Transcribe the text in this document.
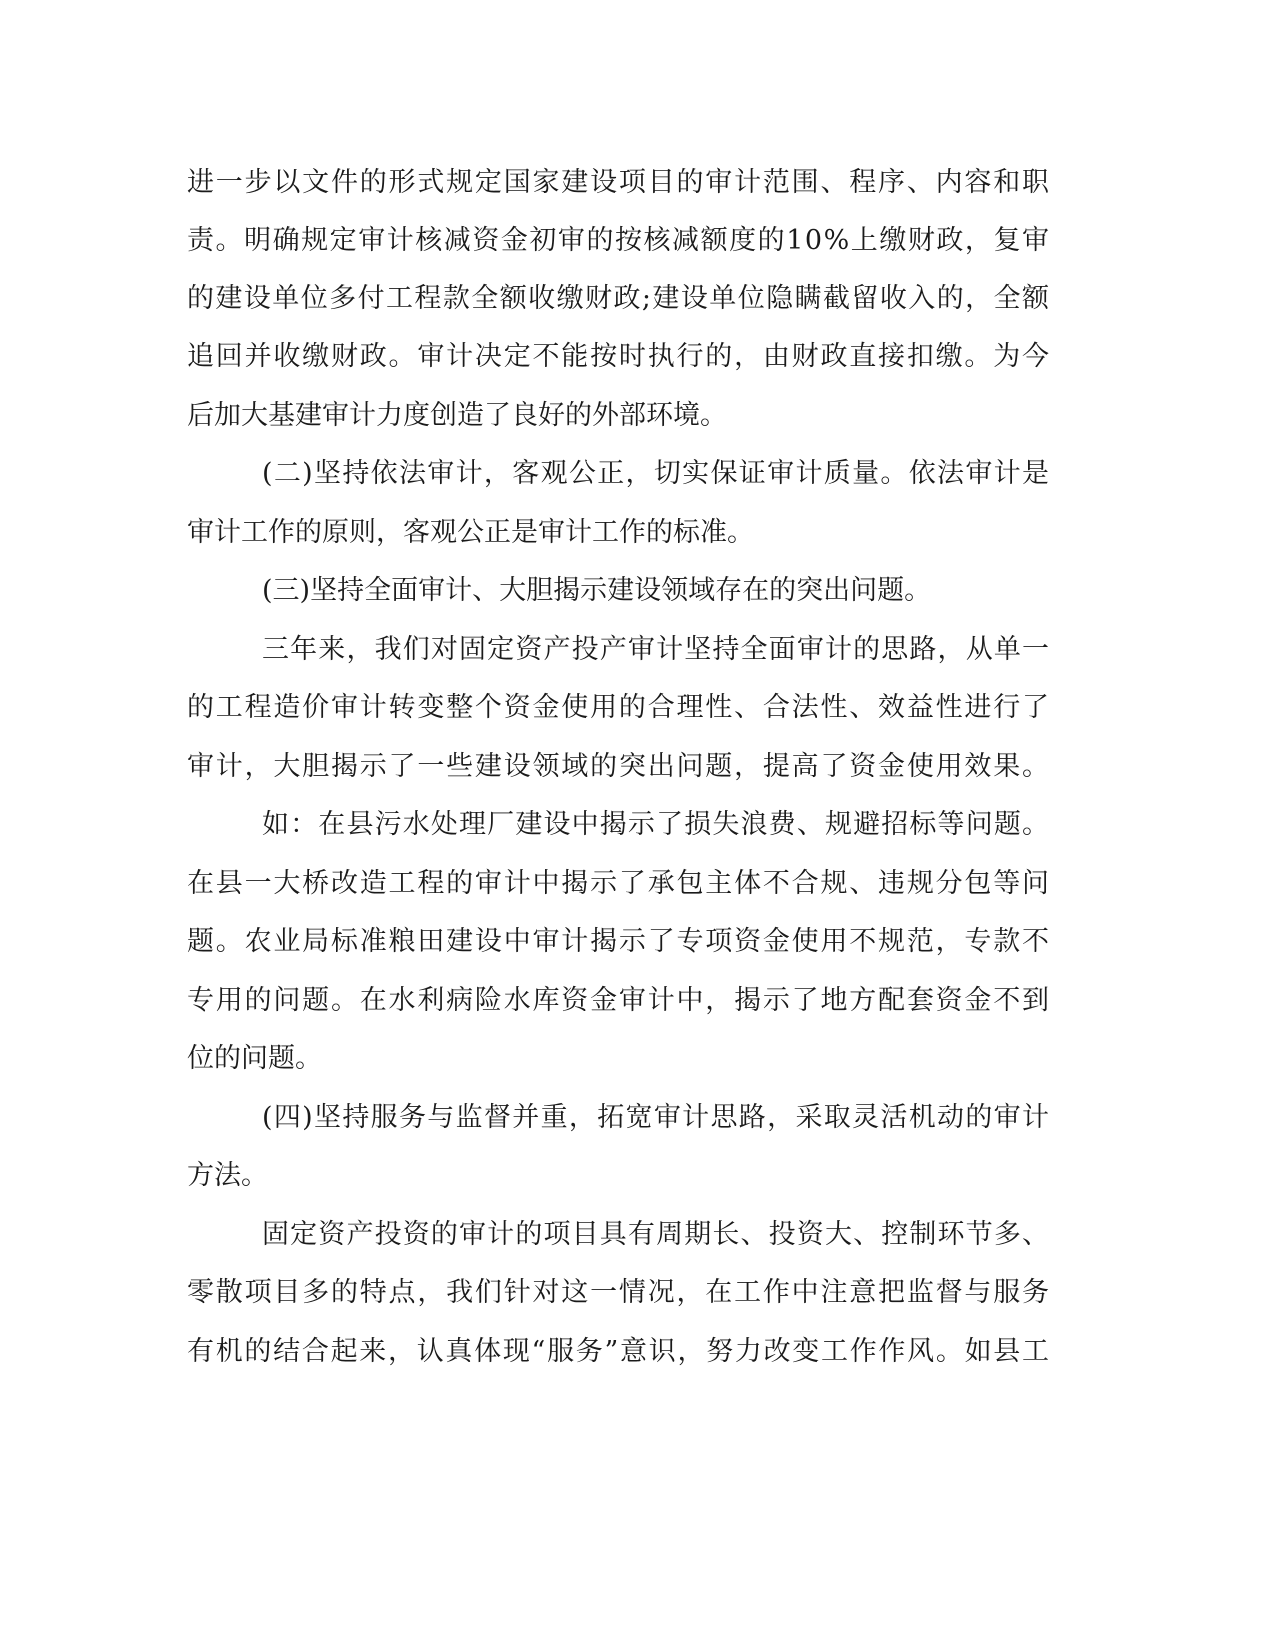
进一步以文件的形式规定国家建设项目的审计范围、程序、内容和职
责。明确规定审计核减资金初审的按核减额度的10%上缴财政，复审
的建设单位多付工程款全额收缴财政;建设单位隐瞒截留收入的，全额
追回并收缴财政。审计决定不能按时执行的，由财政直接扣缴。为今
后加大基建审计力度创造了良好的外部环境。
(二)坚持依法审计，客观公正，切实保证审计质量。依法审计是
审计工作的原则，客观公正是审计工作的标准。
(三)坚持全面审计、大胆揭示建设领域存在的突出问题。
三年来，我们对固定资产投产审计坚持全面审计的思路，从单一
的工程造价审计转变整个资金使用的合理性、合法性、效益性进行了
审计，大胆揭示了一些建设领域的突出问题，提高了资金使用效果。
如：在县污水处理厂建设中揭示了损失浪费、规避招标等问题。
在县一大桥改造工程的审计中揭示了承包主体不合规、违规分包等问
题。农业局标准粮田建设中审计揭示了专项资金使用不规范，专款不
专用的问题。在水利病险水库资金审计中，揭示了地方配套资金不到
位的问题。
(四)坚持服务与监督并重，拓宽审计思路，采取灵活机动的审计
方法。
固定资产投资的审计的项目具有周期长、投资大、控制环节多、
零散项目多的特点，我们针对这一情况，在工作中注意把监督与服务
有机的结合起来，认真体现“服务”意识，努力改变工作作风。如县工
